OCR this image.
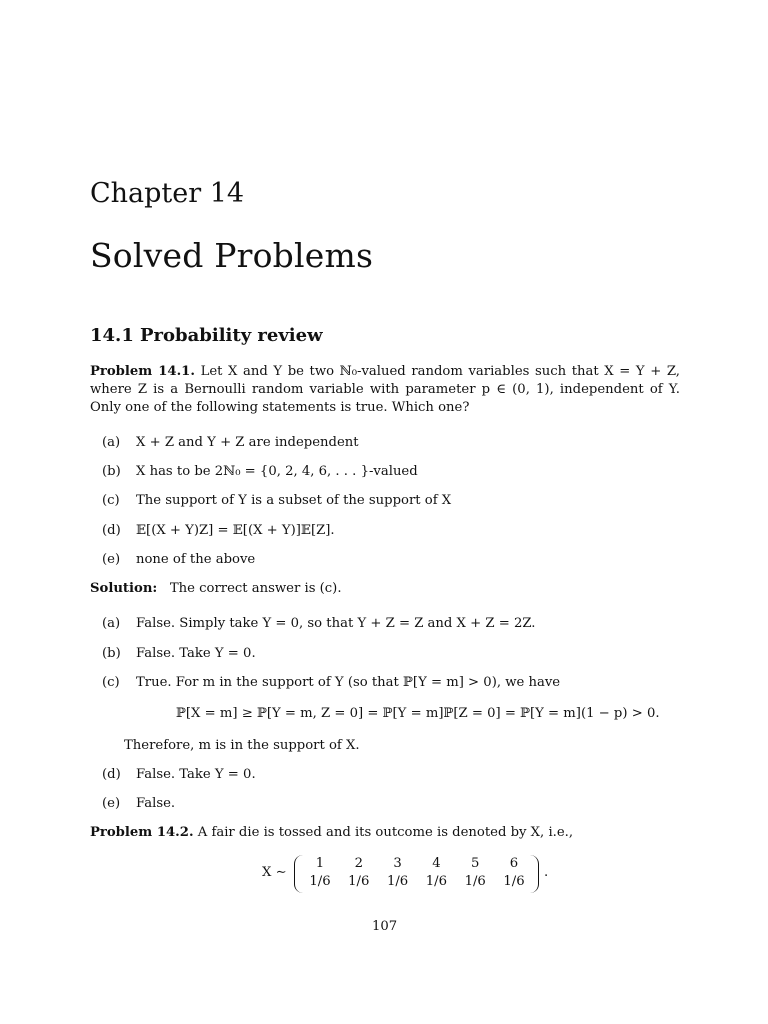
Chapter 14
Solved Problems
14.1 Probability review
Problem 14.1. Let X and Y be two ℕ₀-valued random variables such that X = Y + Z, where Z is a Bernoulli random variable with parameter p ∈ (0, 1), independent of Y. Only one of the following statements is true. Which one?
(a) X + Z and Y + Z are independent
(b) X has to be 2ℕ₀ = {0, 2, 4, 6, . . . }-valued
(c) The support of Y is a subset of the support of X
(d) 𝔼[(X + Y)Z] = 𝔼[(X + Y)]𝔼[Z].
(e) none of the above
Solution: The correct answer is (c).
(a) False. Simply take Y = 0, so that Y + Z = Z and X + Z = 2Z.
(b) False. Take Y = 0.
(c) True. For m in the support of Y (so that ℙ[Y = m] > 0), we have
ℙ[X = m] ≥ ℙ[Y = m, Z = 0] = ℙ[Y = m]ℙ[Z = 0] = ℙ[Y = m](1 − p) > 0.
Therefore, m is in the support of X.
(d) False. Take Y = 0.
(e) False.
Problem 14.2. A fair die is tossed and its outcome is denoted by X, i.e.,
X ∼
1	2	3	4	5	6
1/6	1/6	1/6	1/6	1/6	1/6
.
107
